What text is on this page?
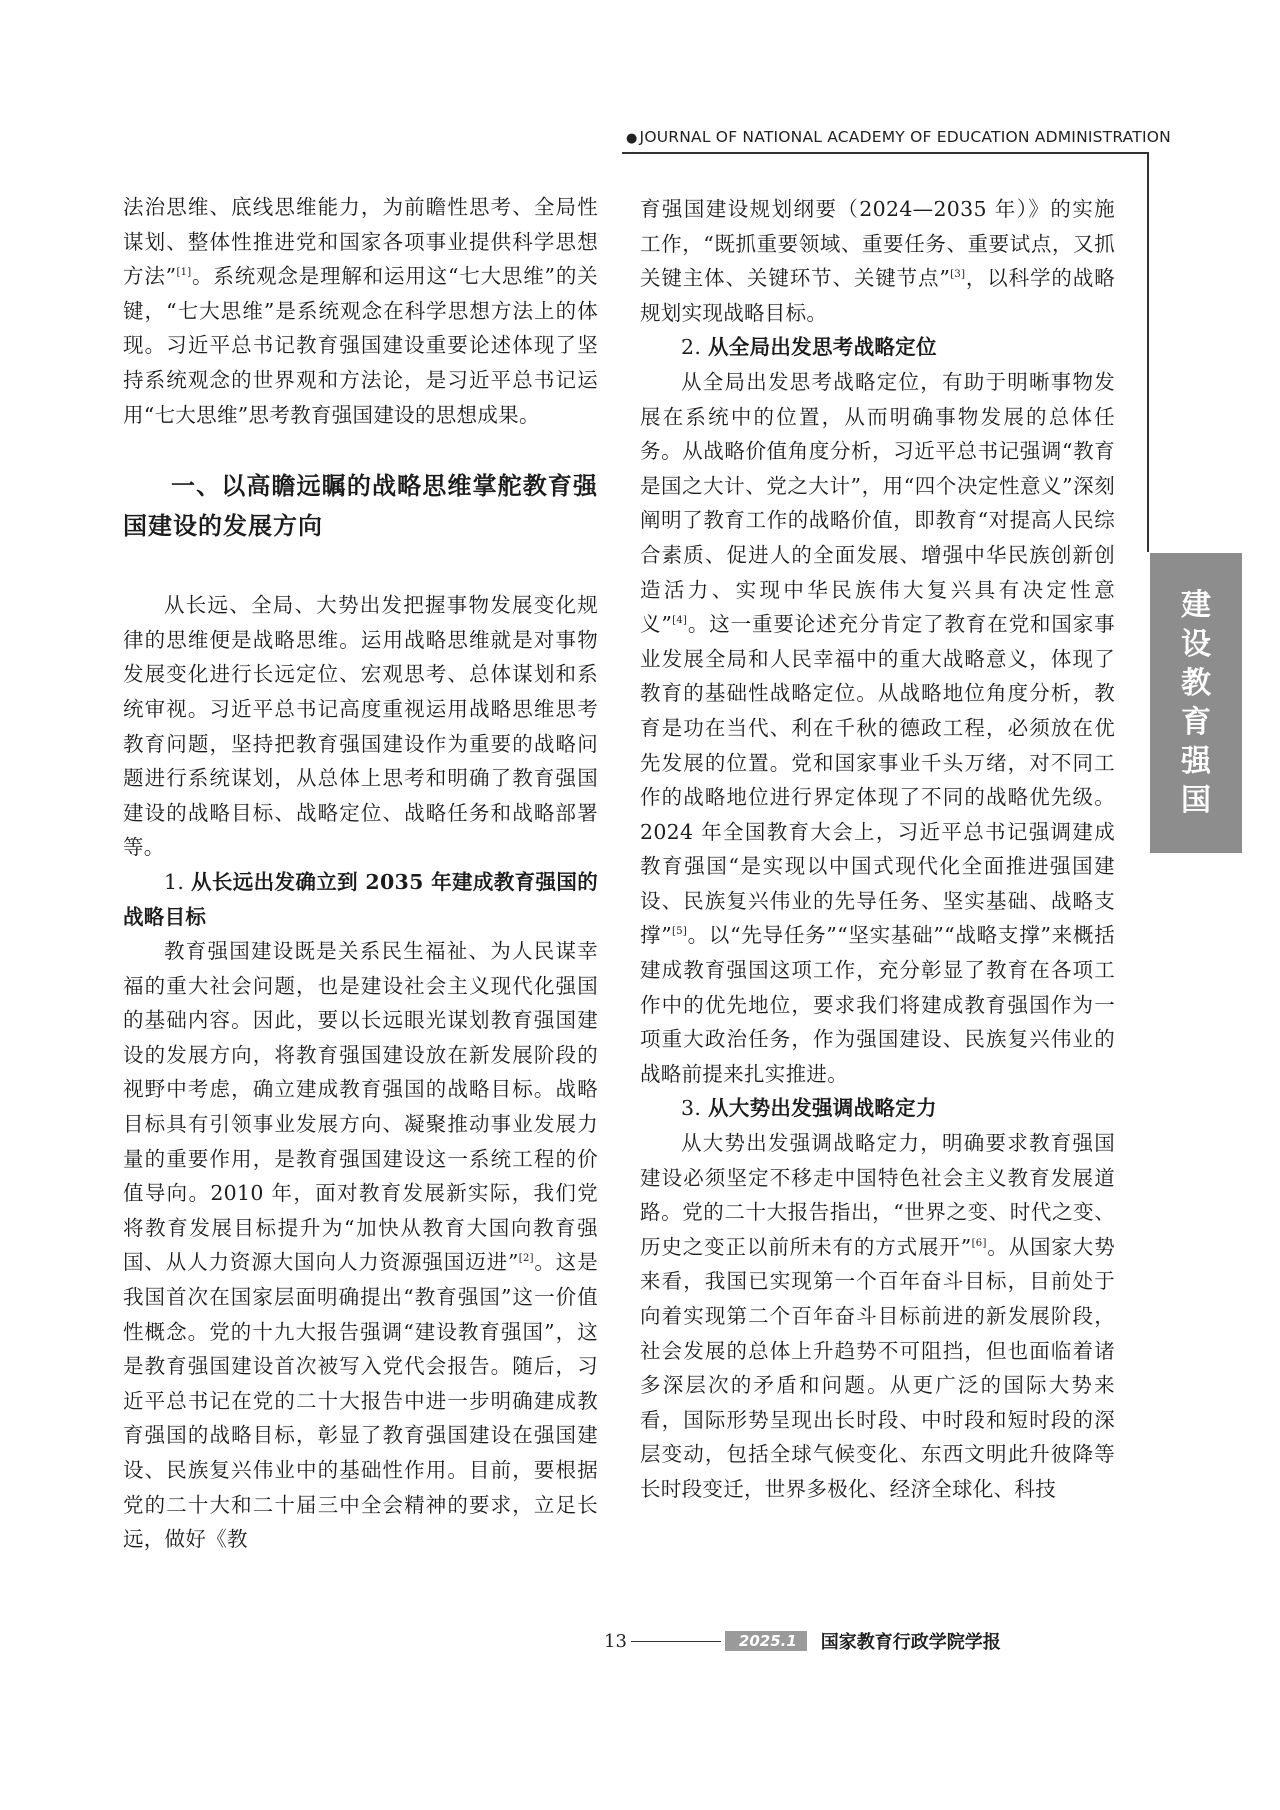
● JOURNAL OF NATIONAL ACADEMY OF EDUCATION ADMINISTRATION

法治思维、底线思维能力，为前瞻性思考、全局性谋划、整体性推进党和国家各项事业提供科学思想方法”[1]。系统观念是理解和运用这“七大思维”的关键，“七大思维”是系统观念在科学思想方法上的体现。习近平总书记教育强国建设重要论述体现了坚持系统观念的世界观和方法论，是习近平总书记运用“七大思维”思考教育强国建设的思想成果。

一、以高瞻远瞩的战略思维掌舵教育强国建设的发展方向

从长远、全局、大势出发把握事物发展变化规律的思维便是战略思维。运用战略思维就是对事物发展变化进行长远定位、宏观思考、总体谋划和系统审视。习近平总书记高度重视运用战略思维思考教育问题，坚持把教育强国建设作为重要的战略问题进行系统谋划，从总体上思考和明确了教育强国建设的战略目标、战略定位、战略任务和战略部署等。

1. 从长远出发确立到 2035 年建成教育强国的战略目标

教育强国建设既是关系民生福祉、为人民谋幸福的重大社会问题，也是建设社会主义现代化强国的基础内容。因此，要以长远眼光谋划教育强国建设的发展方向，将教育强国建设放在新发展阶段的视野中考虑，确立建成教育强国的战略目标。战略目标具有引领事业发展方向、凝聚推动事业发展力量的重要作用，是教育强国建设这一系统工程的价值导向。2010 年，面对教育发展新实际，我们党将教育发展目标提升为“加快从教育大国向教育强国、从人力资源大国向人力资源强国迈进”[2]。这是我国首次在国家层面明确提出“教育强国”这一价值性概念。党的十九大报告强调“建设教育强国”，这是教育强国建设首次被写入党代会报告。随后，习近平总书记在党的二十大报告中进一步明确建成教育强国的战略目标，彰显了教育强国建设在强国建设、民族复兴伟业中的基础性作用。目前，要根据党的二十大和二十届三中全会精神的要求，立足长远，做好《教

育强国建设规划纲要（2024—2035 年）》的实施工作，“既抓重要领域、重要任务、重要试点，又抓关键主体、关键环节、关键节点”[3]，以科学的战略规划实现战略目标。

2. 从全局出发思考战略定位

从全局出发思考战略定位，有助于明晰事物发展在系统中的位置，从而明确事物发展的总体任务。从战略价值角度分析，习近平总书记强调“教育是国之大计、党之大计”，用“四个决定性意义”深刻阐明了教育工作的战略价值，即教育“对提高人民综合素质、促进人的全面发展、增强中华民族创新创造活力、实现中华民族伟大复兴具有决定性意义”[4]。这一重要论述充分肯定了教育在党和国家事业发展全局和人民幸福中的重大战略意义，体现了教育的基础性战略定位。从战略地位角度分析，教育是功在当代、利在千秋的德政工程，必须放在优先发展的位置。党和国家事业千头万绪，对不同工作的战略地位进行界定体现了不同的战略优先级。2024 年全国教育大会上，习近平总书记强调建成教育强国“是实现以中国式现代化全面推进强国建设、民族复兴伟业的先导任务、坚实基础、战略支撑”[5]。以“先导任务”“坚实基础”“战略支撑”来概括建成教育强国这项工作，充分彰显了教育在各项工作中的优先地位，要求我们将建成教育强国作为一项重大政治任务，作为强国建设、民族复兴伟业的战略前提来扎实推进。

3. 从大势出发强调战略定力

从大势出发强调战略定力，明确要求教育强国建设必须坚定不移走中国特色社会主义教育发展道路。党的二十大报告指出，“世界之变、时代之变、历史之变正以前所未有的方式展开”[6]。从国家大势来看，我国已实现第一个百年奋斗目标，目前处于向着实现第二个百年奋斗目标前进的新发展阶段，社会发展的总体上升趋势不可阻挡，但也面临着诸多深层次的矛盾和问题。从更广泛的国际大势来看，国际形势呈现出长时段、中时段和短时段的深层变动，包括全球气候变化、东西文明此升彼降等长时段变迁，世界多极化、经济全球化、科技

建
设
教
育
强
国
13	2025.1	国家教育行政学院学报
